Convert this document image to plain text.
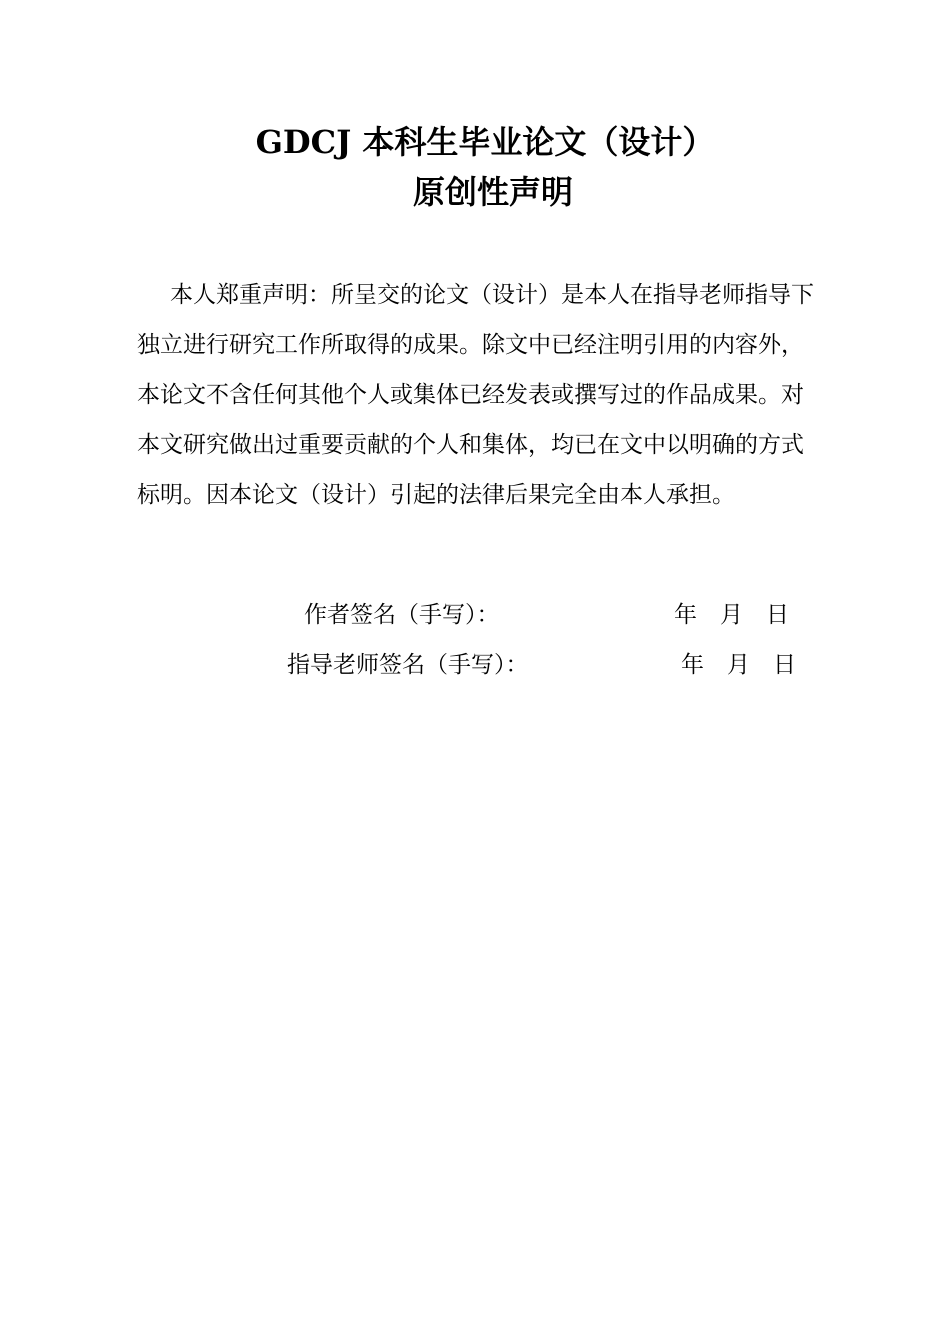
GDCJ 本科生毕业论文（设计）
原创性声明

本人郑重声明：所呈交的论文（设计）是本人在指导老师指导下
独立进行研究工作所取得的成果。除文中已经注明引用的内容外，
本论文不含任何其他个人或集体已经发表或撰写过的作品成果。对
本文研究做出过重要贡献的个人和集体，均已在文中以明确的方式
标明。因本论文（设计）引起的法律后果完全由本人承担。

作者签名（手写）：	年 月 日
指导老师签名（手写）：	年 月 日
